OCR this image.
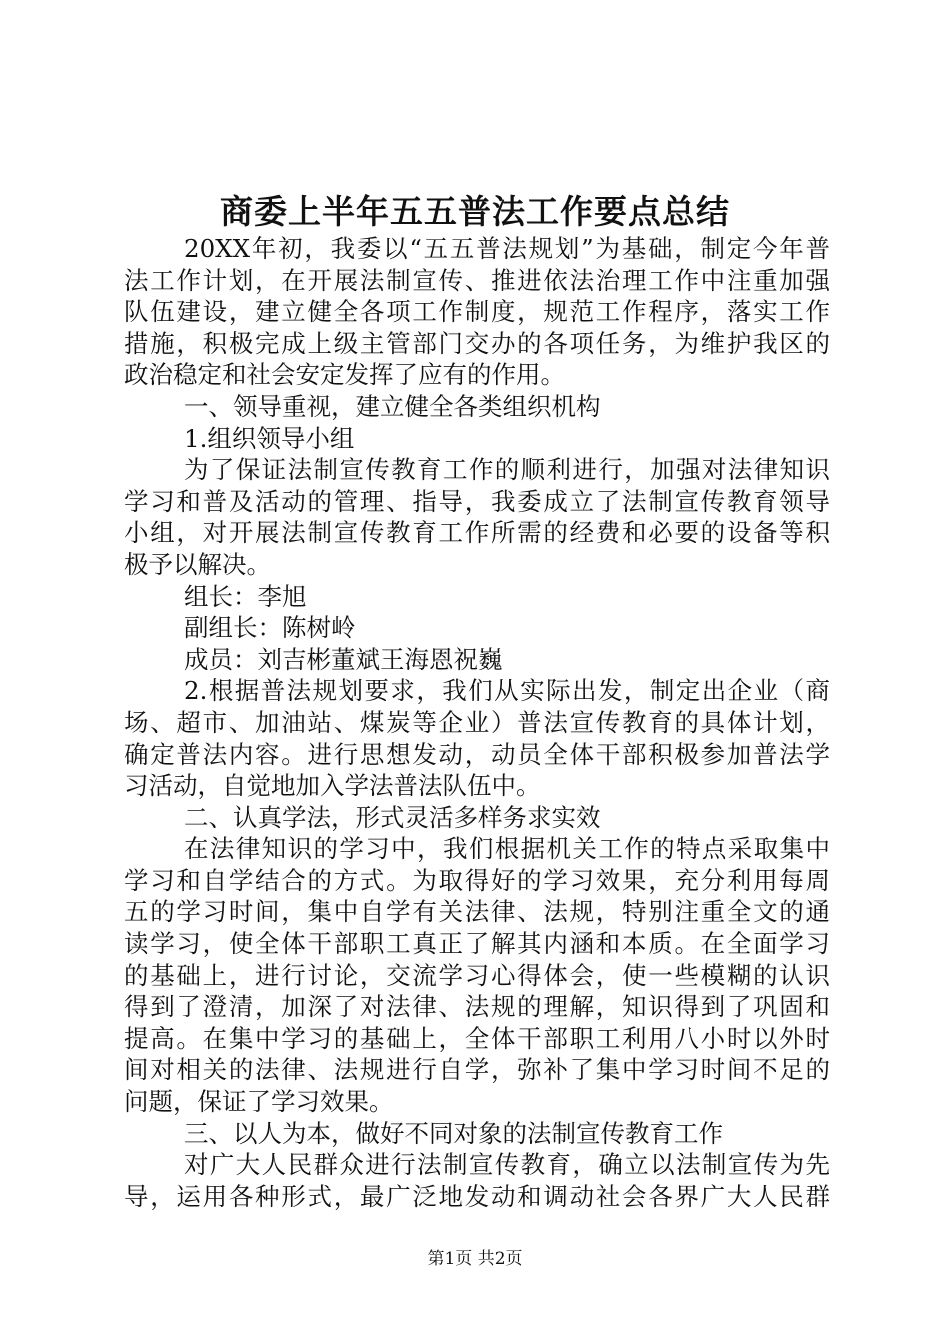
商委上半年五五普法工作要点总结
20XX年初，我委以“五五普法规划”为基础，制定今年普
法工作计划，在开展法制宣传、推进依法治理工作中注重加强
队伍建设，建立健全各项工作制度，规范工作程序，落实工作
措施，积极完成上级主管部门交办的各项任务，为维护我区的
政治稳定和社会安定发挥了应有的作用。
一、领导重视，建立健全各类组织机构
1.组织领导小组
为了保证法制宣传教育工作的顺利进行，加强对法律知识
学习和普及活动的管理、指导，我委成立了法制宣传教育领导
小组，对开展法制宣传教育工作所需的经费和必要的设备等积
极予以解决。
组长：李旭
副组长：陈树岭
成员：刘吉彬董斌王海恩祝巍
2.根据普法规划要求，我们从实际出发，制定出企业（商
场、超市、加油站、煤炭等企业）普法宣传教育的具体计划，
确定普法内容。进行思想发动，动员全体干部积极参加普法学
习活动，自觉地加入学法普法队伍中。
二、认真学法，形式灵活多样务求实效
在法律知识的学习中，我们根据机关工作的特点采取集中
学习和自学结合的方式。为取得好的学习效果，充分利用每周
五的学习时间，集中自学有关法律、法规，特别注重全文的通
读学习，使全体干部职工真正了解其内涵和本质。在全面学习
的基础上，进行讨论，交流学习心得体会，使一些模糊的认识
得到了澄清，加深了对法律、法规的理解，知识得到了巩固和
提高。在集中学习的基础上，全体干部职工利用八小时以外时
间对相关的法律、法规进行自学，弥补了集中学习时间不足的
问题，保证了学习效果。
三、以人为本，做好不同对象的法制宣传教育工作
对广大人民群众进行法制宣传教育，确立以法制宣传为先
导，运用各种形式，最广泛地发动和调动社会各界广大人民群
第1页 共2页
